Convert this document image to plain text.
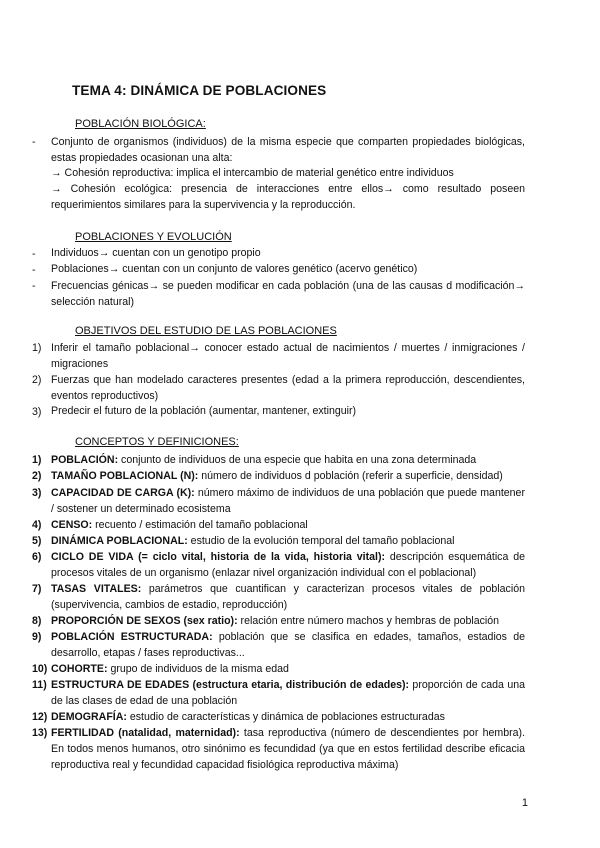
TEMA 4: DINÁMICA DE POBLACIONES
POBLACIÓN BIOLÓGICA:
- Conjunto de organismos (individuos) de la misma especie que comparten propiedades biológicas, estas propiedades ocasionan una alta:
→ Cohesión reproductiva: implica el intercambio de material genético entre individuos
→ Cohesión ecológica: presencia de interacciones entre ellos→ como resultado poseen
requerimientos similares para la supervivencia y la reproducción.
POBLACIONES Y EVOLUCIÓN
- Individuos→ cuentan con un genotipo propio
- Poblaciones→ cuentan con un conjunto de valores genético (acervo genético)
- Frecuencias génicas→ se pueden modificar en cada población (una de las causas d modificación→ selección natural)
OBJETIVOS DEL ESTUDIO DE LAS POBLACIONES
1) Inferir el tamaño poblacional→ conocer estado actual de nacimientos / muertes / inmigraciones / migraciones
2) Fuerzas que han modelado caracteres presentes (edad a la primera reproducción, descendientes, eventos reproductivos)
3) Predecir el futuro de la población (aumentar, mantener, extinguir)
CONCEPTOS Y DEFINICIONES:
1) POBLACIÓN: conjunto de individuos de una especie que habita en una zona determinada
2) TAMAÑO POBLACIONAL (N): número de individuos d población (referir a superficie, densidad)
3) CAPACIDAD DE CARGA (K): número máximo de individuos de una población que puede mantener / sostener un determinado ecosistema
4) CENSO: recuento / estimación del tamaño poblacional
5) DINÁMICA POBLACIONAL: estudio de la evolución temporal del tamaño poblacional
6) CICLO DE VIDA (= ciclo vital, historia de la vida, historia vital): descripción esquemática de procesos vitales de un organismo (enlazar nivel organización individual con el poblacional)
7) TASAS VITALES: parámetros que cuantifican y caracterizan procesos vitales de población (supervivencia, cambios de estadio, reproducción)
8) PROPORCIÓN DE SEXOS (sex ratio): relación entre número machos y hembras de población
9) POBLACIÓN ESTRUCTURADA: población que se clasifica en edades, tamaños, estadios de desarrollo, etapas / fases reproductivas...
10) COHORTE: grupo de individuos de la misma edad
11) ESTRUCTURA DE EDADES (estructura etaria, distribución de edades): proporción de cada una de las clases de edad de una población
12) DEMOGRAFÍA: estudio de características y dinámica de poblaciones estructuradas
13) FERTILIDAD (natalidad, maternidad): tasa reproductiva (número de descendientes por hembra). En todos menos humanos, otro sinónimo es fecundidad (ya que en estos fertilidad describe eficacia reproductiva real y fecundidad capacidad fisiológica reproductiva máxima)
1
